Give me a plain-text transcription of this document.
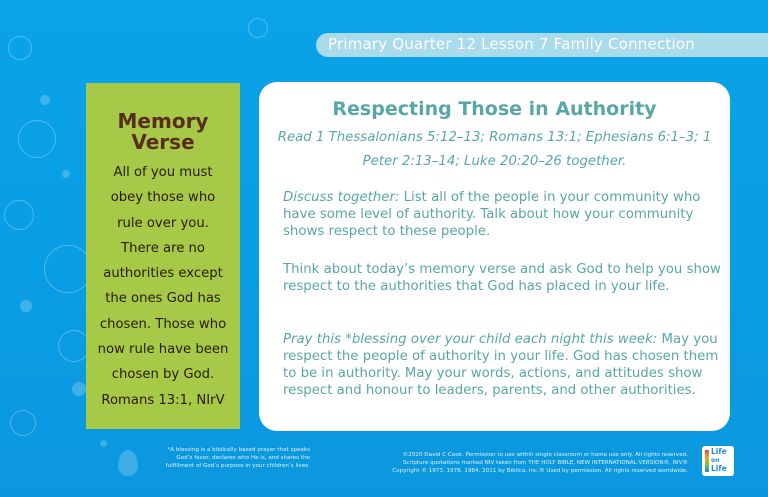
Primary Quarter 12 Lesson 7 Family Connection
Memory
Verse
All of you must
obey those who
rule over you.
There are no
authorities except
the ones God has
chosen. Those who
now rule have been
chosen by God.
Romans 13:1, NIrV
Respecting Those in Authority
Read 1 Thessalonians 5:12–13; Romans 13:1; Ephesians 6:1–3; 1
Peter 2:13–14; Luke 20:20–26 together.
Discuss together: List all of the people in your community who have some level of authority. Talk about how your community shows respect to these people.
Think about today’s memory verse and ask God to help you show respect to the authorities that God has placed in your life.
Pray this *blessing over your child each night this week: May you respect the people of authority in your life. God has chosen them to be in authority. May your words, actions, and attitudes show respect and honour to leaders, parents, and other authorities.
*A blessing is a biblically based prayer that speaks
God’s favor, declares who He is, and shares the
fulfillment of God’s purpose in your children’s lives.
©2020 David C Cook. Permission to use within single classroom or home use only. All rights reserved.
Scripture quotations marked NIV taken from THE HOLY BIBLE, NEW INTERNATIONAL VERSION®, NIV®
Copyright © 1973, 1978, 1984, 2011 by Biblica, Inc.® Used by permission. All rights reserved worldwide.
Life
on
Life
